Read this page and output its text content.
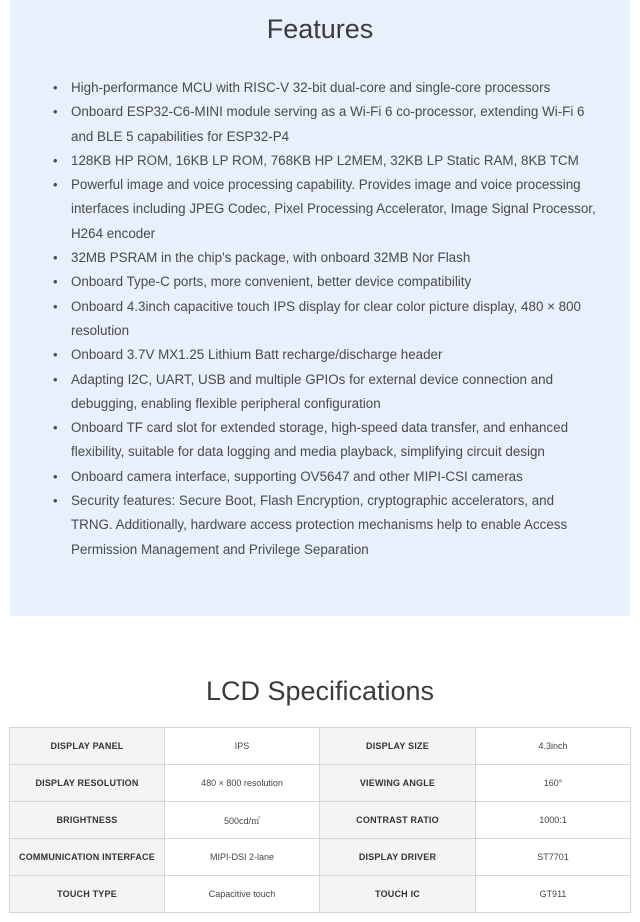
Features
• High-performance MCU with RISC-V 32-bit dual-core and single-core processors
• Onboard ESP32-C6-MINI module serving as a Wi-Fi 6 co-processor, extending Wi-Fi 6 and BLE 5 capabilities for ESP32-P4
• 128KB HP ROM, 16KB LP ROM, 768KB HP L2MEM, 32KB LP Static RAM, 8KB TCM
• Powerful image and voice processing capability. Provides image and voice processing interfaces including JPEG Codec, Pixel Processing Accelerator, Image Signal Processor, H264 encoder
• 32MB PSRAM in the chip's package, with onboard 32MB Nor Flash
• Onboard Type-C ports, more convenient, better device compatibility
• Onboard 4.3inch capacitive touch IPS display for clear color picture display, 480 × 800 resolution
• Onboard 3.7V MX1.25 Lithium Batt recharge/discharge header
• Adapting I2C, UART, USB and multiple GPIOs for external device connection and debugging, enabling flexible peripheral configuration
• Onboard TF card slot for extended storage, high-speed data transfer, and enhanced flexibility, suitable for data logging and media playback, simplifying circuit design
• Onboard camera interface, supporting OV5647 and other MIPI-CSI cameras
• Security features: Secure Boot, Flash Encryption, cryptographic accelerators, and TRNG. Additionally, hardware access protection mechanisms help to enable Access Permission Management and Privilege Separation
LCD Specifications
DISPLAY PANEL	IPS	DISPLAY SIZE	4.3inch
DISPLAY RESOLUTION	480 × 800 resolution	VIEWING ANGLE	160°
BRIGHTNESS	500cd/㎡	CONTRAST RATIO	1000:1
COMMUNICATION INTERFACE	MIPI-DSI 2-lane	DISPLAY DRIVER	ST7701
TOUCH TYPE	Capacitive touch	TOUCH IC	GT911
